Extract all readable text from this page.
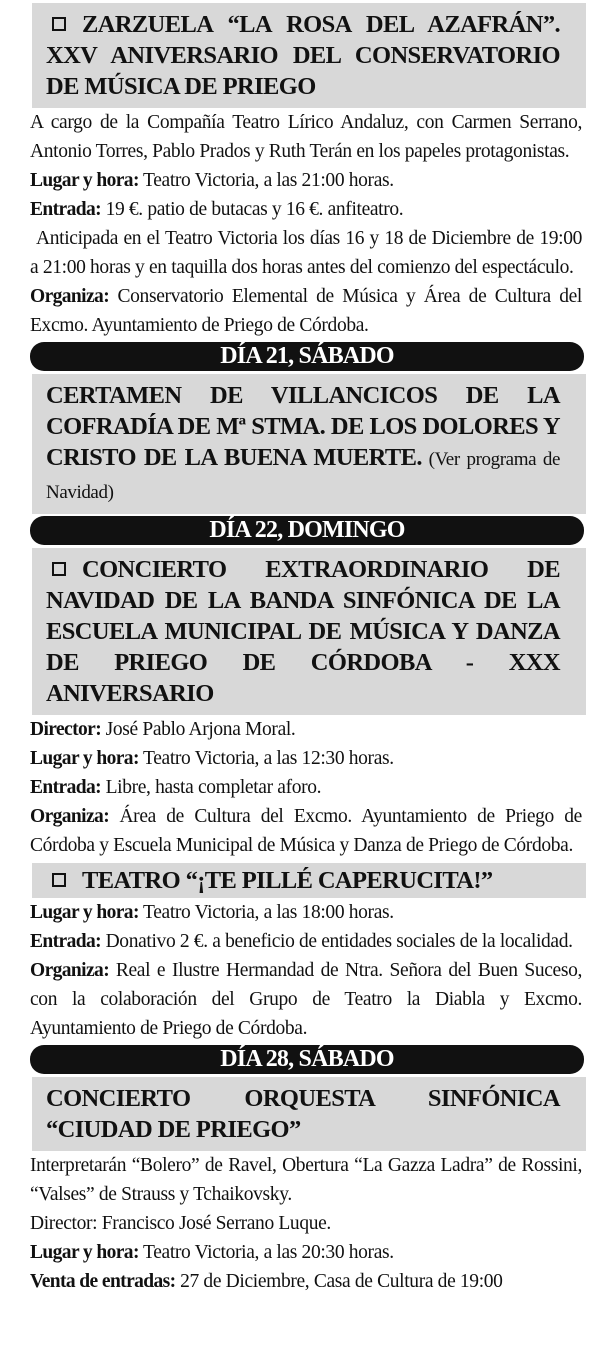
ZARZUELA “LA ROSA DEL AZAFRÁN”. XXV ANIVERSARIO DEL CONSERVATORIO DE MÚSICA DE PRIEGO

A cargo de la Compañía Teatro Lírico Andaluz, con Carmen Serrano, Antonio Torres, Pablo Prados y Ruth Terán en los papeles protagonistas.

Lugar y hora: Teatro Victoria, a las 21:00 horas.

Entrada: 19 €. patio de butacas y 16 €. anfiteatro.

Anticipada en el Teatro Victoria los días 16 y 18 de Diciembre de 19:00 a 21:00 horas y en taquilla dos horas antes del comienzo del espectáculo.

Organiza: Conservatorio Elemental de Música y Área de Cultura del Excmo. Ayuntamiento de Priego de Córdoba.

DÍA 21, SÁBADO
CERTAMEN DE VILLANCICOS DE LA COFRADÍA DE Mª STMA. DE LOS DOLORES Y CRISTO DE LA BUENA MUERTE. (Ver programa de Navidad)
DÍA 22, DOMINGO
CONCIERTO EXTRAORDINARIO DE NAVIDAD DE LA BANDA SINFÓNICA DE LA ESCUELA MUNICIPAL DE MÚSICA Y DANZA DE PRIEGO DE CÓRDOBA - XXX ANIVERSARIO

Director: José Pablo Arjona Moral.

Lugar y hora: Teatro Victoria, a las 12:30 horas.

Entrada: Libre, hasta completar aforo.

Organiza: Área de Cultura del Excmo. Ayuntamiento de Priego de Córdoba y Escuela Municipal de Música y Danza de Priego de Córdoba.

TEATRO “¡TE PILLÉ CAPERUCITA!”

Lugar y hora: Teatro Victoria, a las 18:00 horas.

Entrada: Donativo 2 €. a beneficio de entidades sociales de la localidad.

Organiza: Real e Ilustre Hermandad de Ntra. Señora del Buen Suceso, con la colaboración del Grupo de Teatro la Diabla y Excmo. Ayuntamiento de Priego de Córdoba.

DÍA 28, SÁBADO
CONCIERTO ORQUESTA SINFÓNICA “CIUDAD DE PRIEGO”

Interpretarán “Bolero” de Ravel, Obertura “La Gazza Ladra” de Rossini, “Valses” de Strauss y Tchaikovsky.

Director: Francisco José Serrano Luque.

Lugar y hora: Teatro Victoria, a las 20:30 horas.

Venta de entradas: 27 de Diciembre, Casa de Cultura de 19:00
